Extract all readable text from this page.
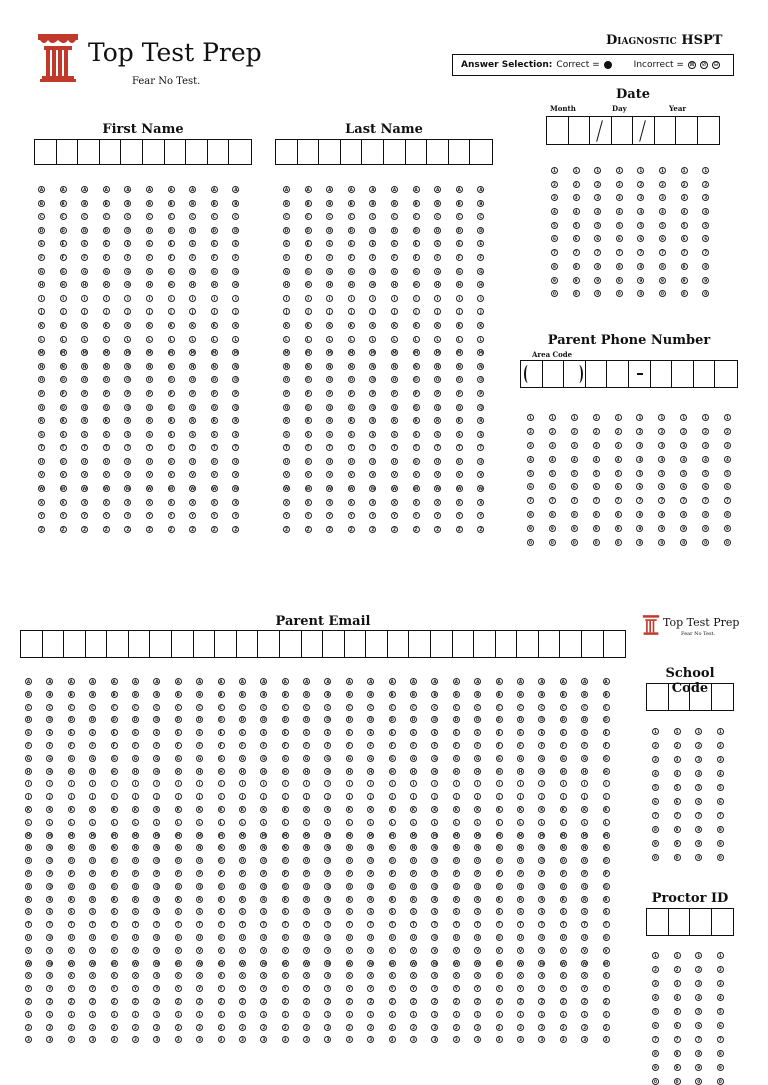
Top Test Prep
Fear No Test.
Diagnostic HSPT
Answer Selection: Correct =	Incorrect = ⊠ ⊘ ⊖
First Name
A	A	A	A	A	A	A	A	A	A
B	B	B	B	B	B	B	B	B	B
C	C	C	C	C	C	C	C	C	C
D	D	D	D	D	D	D	D	D	D
E	E	E	E	E	E	E	E	E	E
F	F	F	F	F	F	F	F	F	F
G	G	G	G	G	G	G	G	G	G
H	H	H	H	H	H	H	H	H	H
I	I	I	I	I	I	I	I	I	I
J	J	J	J	J	J	J	J	J	J
K	K	K	K	K	K	K	K	K	K
L	L	L	L	L	L	L	L	L	L
M	M	M	M	M	M	M	M	M	M
N	N	N	N	N	N	N	N	N	N
O	O	O	O	O	O	O	O	O	O
P	P	P	P	P	P	P	P	P	P
Q	Q	Q	Q	Q	Q	Q	Q	Q	Q
R	R	R	R	R	R	R	R	R	R
S	S	S	S	S	S	S	S	S	S
T	T	T	T	T	T	T	T	T	T
U	U	U	U	U	U	U	U	U	U
V	V	V	V	V	V	V	V	V	V
W	W	W	W	W	W	W	W	W	W
X	X	X	X	X	X	X	X	X	X
Y	Y	Y	Y	Y	Y	Y	Y	Y	Y
Z	Z	Z	Z	Z	Z	Z	Z	Z	Z
Last Name
A	A	A	A	A	A	A	A	A	A
B	B	B	B	B	B	B	B	B	B
C	C	C	C	C	C	C	C	C	C
D	D	D	D	D	D	D	D	D	D
E	E	E	E	E	E	E	E	E	E
F	F	F	F	F	F	F	F	F	F
G	G	G	G	G	G	G	G	G	G
H	H	H	H	H	H	H	H	H	H
I	I	I	I	I	I	I	I	I	I
J	J	J	J	J	J	J	J	J	J
K	K	K	K	K	K	K	K	K	K
L	L	L	L	L	L	L	L	L	L
M	M	M	M	M	M	M	M	M	M
N	N	N	N	N	N	N	N	N	N
O	O	O	O	O	O	O	O	O	O
P	P	P	P	P	P	P	P	P	P
Q	Q	Q	Q	Q	Q	Q	Q	Q	Q
R	R	R	R	R	R	R	R	R	R
S	S	S	S	S	S	S	S	S	S
T	T	T	T	T	T	T	T	T	T
U	U	U	U	U	U	U	U	U	U
V	V	V	V	V	V	V	V	V	V
W	W	W	W	W	W	W	W	W	W
X	X	X	X	X	X	X	X	X	X
Y	Y	Y	Y	Y	Y	Y	Y	Y	Y
Z	Z	Z	Z	Z	Z	Z	Z	Z	Z
Date
Month	Day	Year
1	1	1	1	1	1	1	1
2	2	2	2	2	2	2	2
3	3	3	3	3	3	3	3
4	4	4	4	4	4	4	4
5	5	5	5	5	5	5	5
6	6	6	6	6	6	6	6
7	7	7	7	7	7	7	7
8	8	8	8	8	8	8	8
9	9	9	9	9	9	9	9
0	0	0	0	0	0	0	0
Parent Phone Number
Area Code
1	1	1	1	1	1	1	1	1	1
2	2	2	2	2	2	2	2	2	2
3	3	3	3	3	3	3	3	3	3
4	4	4	4	4	4	4	4	4	4
5	5	5	5	5	5	5	5	5	5
6	6	6	6	6	6	6	6	6	6
7	7	7	7	7	7	7	7	7	7
8	8	8	8	8	8	8	8	8	8
9	9	9	9	9	9	9	9	9	9
0	0	0	0	0	0	0	0	0	0
Top Test Prep
Fear No Test.
Parent Email
A	A	A	A	A	A	A	A	A	A	A	A	A	A	A	A	A	A	A	A	A	A	A	A	A	A	A	A
B	B	B	B	B	B	B	B	B	B	B	B	B	B	B	B	B	B	B	B	B	B	B	B	B	B	B	B
C	C	C	C	C	C	C	C	C	C	C	C	C	C	C	C	C	C	C	C	C	C	C	C	C	C	C	C
D	D	D	D	D	D	D	D	D	D	D	D	D	D	D	D	D	D	D	D	D	D	D	D	D	D	D	D
E	E	E	E	E	E	E	E	E	E	E	E	E	E	E	E	E	E	E	E	E	E	E	E	E	E	E	E
F	F	F	F	F	F	F	F	F	F	F	F	F	F	F	F	F	F	F	F	F	F	F	F	F	F	F	F
G	G	G	G	G	G	G	G	G	G	G	G	G	G	G	G	G	G	G	G	G	G	G	G	G	G	G	G
H	H	H	H	H	H	H	H	H	H	H	H	H	H	H	H	H	H	H	H	H	H	H	H	H	H	H	H
I	I	I	I	I	I	I	I	I	I	I	I	I	I	I	I	I	I	I	I	I	I	I	I	I	I	I	I
J	J	J	J	J	J	J	J	J	J	J	J	J	J	J	J	J	J	J	J	J	J	J	J	J	J	J	J
K	K	K	K	K	K	K	K	K	K	K	K	K	K	K	K	K	K	K	K	K	K	K	K	K	K	K	K
L	L	L	L	L	L	L	L	L	L	L	L	L	L	L	L	L	L	L	L	L	L	L	L	L	L	L	L
M	M	M	M	M	M	M	M	M	M	M	M	M	M	M	M	M	M	M	M	M	M	M	M	M	M	M	M
N	N	N	N	N	N	N	N	N	N	N	N	N	N	N	N	N	N	N	N	N	N	N	N	N	N	N	N
O	O	O	O	O	O	O	O	O	O	O	O	O	O	O	O	O	O	O	O	O	O	O	O	O	O	O	O
P	P	P	P	P	P	P	P	P	P	P	P	P	P	P	P	P	P	P	P	P	P	P	P	P	P	P	P
Q	Q	Q	Q	Q	Q	Q	Q	Q	Q	Q	Q	Q	Q	Q	Q	Q	Q	Q	Q	Q	Q	Q	Q	Q	Q	Q	Q
R	R	R	R	R	R	R	R	R	R	R	R	R	R	R	R	R	R	R	R	R	R	R	R	R	R	R	R
S	S	S	S	S	S	S	S	S	S	S	S	S	S	S	S	S	S	S	S	S	S	S	S	S	S	S	S
T	T	T	T	T	T	T	T	T	T	T	T	T	T	T	T	T	T	T	T	T	T	T	T	T	T	T	T
U	U	U	U	U	U	U	U	U	U	U	U	U	U	U	U	U	U	U	U	U	U	U	U	U	U	U	U
V	V	V	V	V	V	V	V	V	V	V	V	V	V	V	V	V	V	V	V	V	V	V	V	V	V	V	V
W	W	W	W	W	W	W	W	W	W	W	W	W	W	W	W	W	W	W	W	W	W	W	W	W	W	W	W
X	X	X	X	X	X	X	X	X	X	X	X	X	X	X	X	X	X	X	X	X	X	X	X	X	X	X	X
Y	Y	Y	Y	Y	Y	Y	Y	Y	Y	Y	Y	Y	Y	Y	Y	Y	Y	Y	Y	Y	Y	Y	Y	Y	Y	Y	Y
Z	Z	Z	Z	Z	Z	Z	Z	Z	Z	Z	Z	Z	Z	Z	Z	Z	Z	Z	Z	Z	Z	Z	Z	Z	Z	Z	Z
1	1	1	1	1	1	1	1	1	1	1	1	1	1	1	1	1	1	1	1	1	1	1	1	1	1	1	1
2	2	2	2	2	2	2	2	2	2	2	2	2	2	2	2	2	2	2	2	2	2	2	2	2	2	2	2
3	3	3	3	3	3	3	3	3	3	3	3	3	3	3	3	3	3	3	3	3	3	3	3	3	3	3	3
School Code
1	1	1	1
2	2	2	2
3	3	3	3
4	4	4	4
5	5	5	5
6	6	6	6
7	7	7	7
8	8	8	8
9	9	9	9
0	0	0	0
Proctor ID
1	1	1	1
2	2	2	2
3	3	3	3
4	4	4	4
5	5	5	5
6	6	6	6
7	7	7	7
8	8	8	8
9	9	9	9
0	0	0	0
